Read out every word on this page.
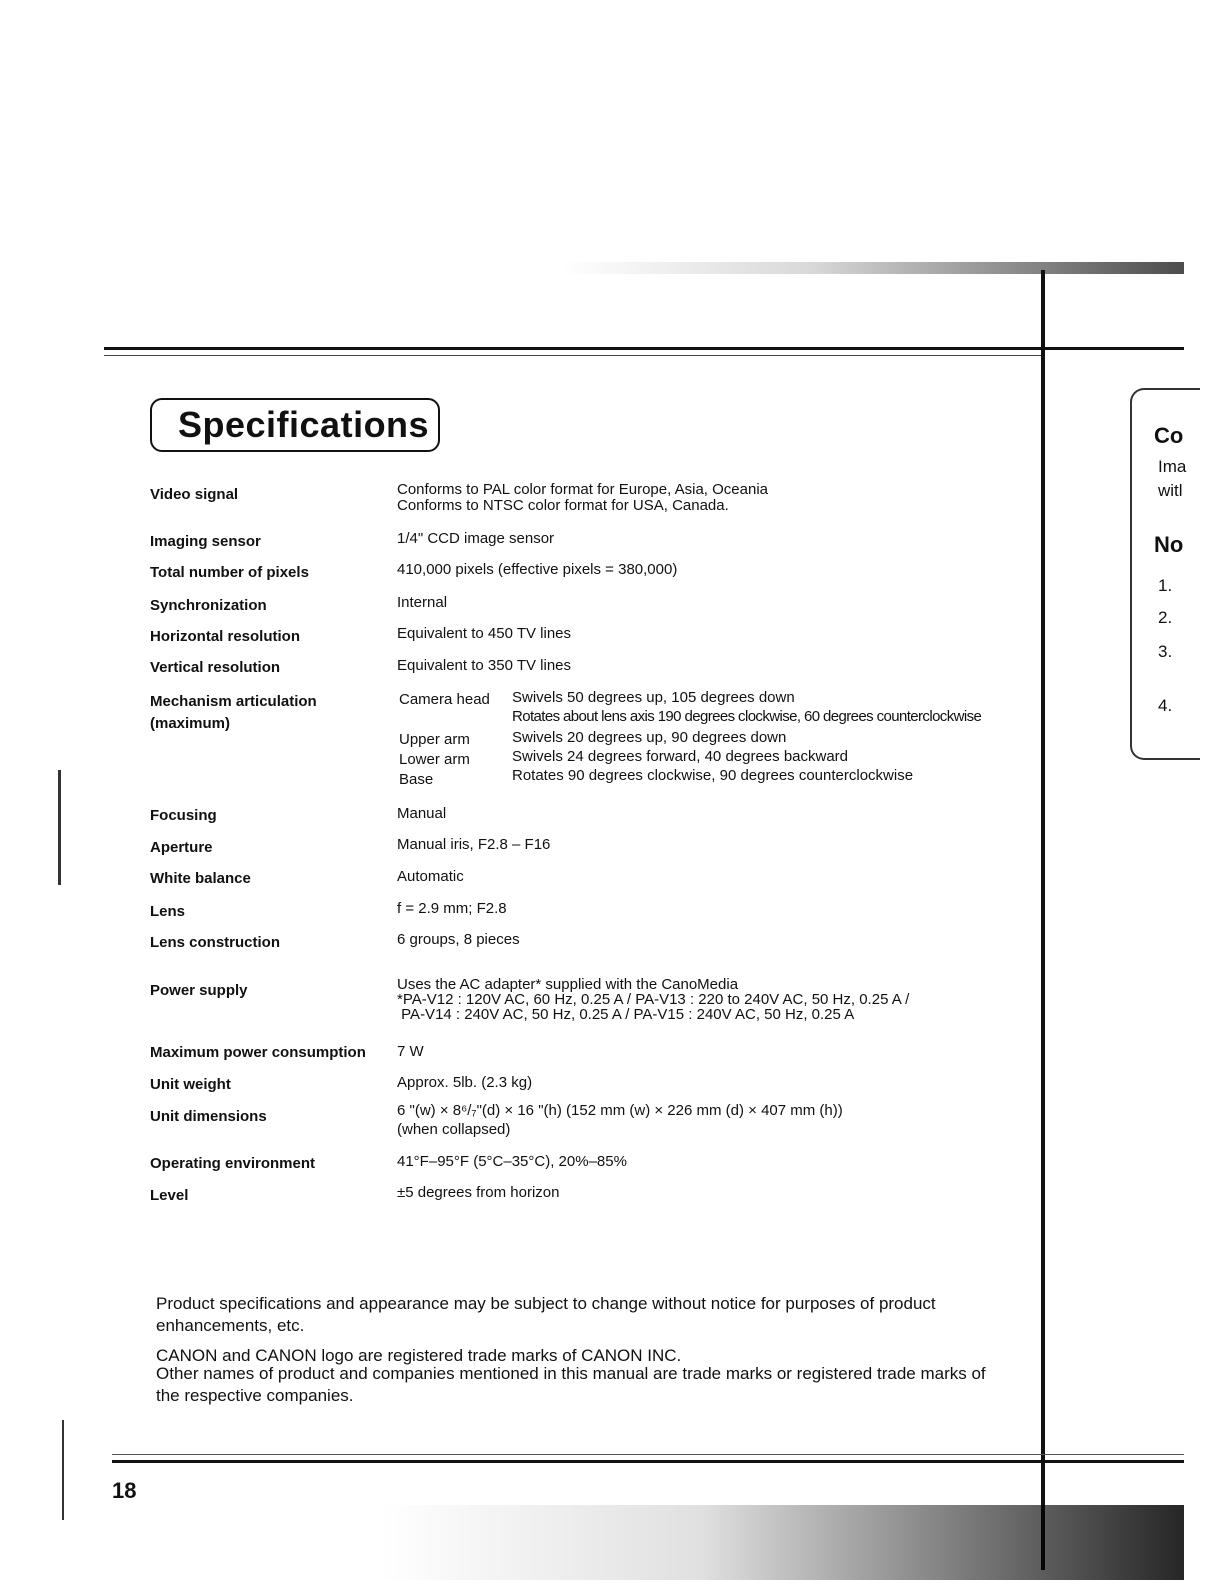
Specifications
Video signal	Conforms to PAL color format for Europe, Asia, Oceania
Conforms to NTSC color format for USA, Canada.
Imaging sensor	1/4" CCD image sensor
Total number of pixels	410,000 pixels (effective pixels = 380,000)
Synchronization	Internal
Horizontal resolution	Equivalent to 450 TV lines
Vertical resolution	Equivalent to 350 TV lines
Mechanism articulation
(maximum)
Camera head Swivels 50 degrees up, 105 degrees down
Rotates about lens axis 190 degrees clockwise, 60 degrees counterclockwise
Upper arm	Swivels 20 degrees up, 90 degrees down
Lower arm	Swivels 24 degrees forward, 40 degrees backward
Base	Rotates 90 degrees clockwise, 90 degrees counterclockwise
Focusing	Manual
Aperture	Manual iris, F2.8 – F16
White balance	Automatic
Lens	f = 2.9 mm; F2.8
Lens construction	6 groups, 8 pieces
Power supply	Uses the AC adapter* supplied with the CanoMedia
*PA-V12 : 120V AC, 60 Hz, 0.25 A / PA-V13 : 220 to 240V AC, 50 Hz, 0.25 A /
PA-V14 : 240V AC, 50 Hz, 0.25 A / PA-V15 : 240V AC, 50 Hz, 0.25 A
Maximum power consumption 7 W
Unit weight	Approx. 5lb. (2.3 kg)
Unit dimensions	6 "(w) × 8⁶/₇"(d) × 16 "(h) (152 mm (w) × 226 mm (d) × 407 mm (h))
(when collapsed)
Operating environment	41°F–95°F (5°C–35°C), 20%–85%
Level	±5 degrees from horizon
Product specifications and appearance may be subject to change without notice for purposes of product enhancements, etc.
CANON and CANON logo are registered trade marks of CANON INC.
Other names of product and companies mentioned in this manual are trade marks or registered trade marks of the respective companies.
18
Co
Ima
witl
No
1.
2.
3.
4.
